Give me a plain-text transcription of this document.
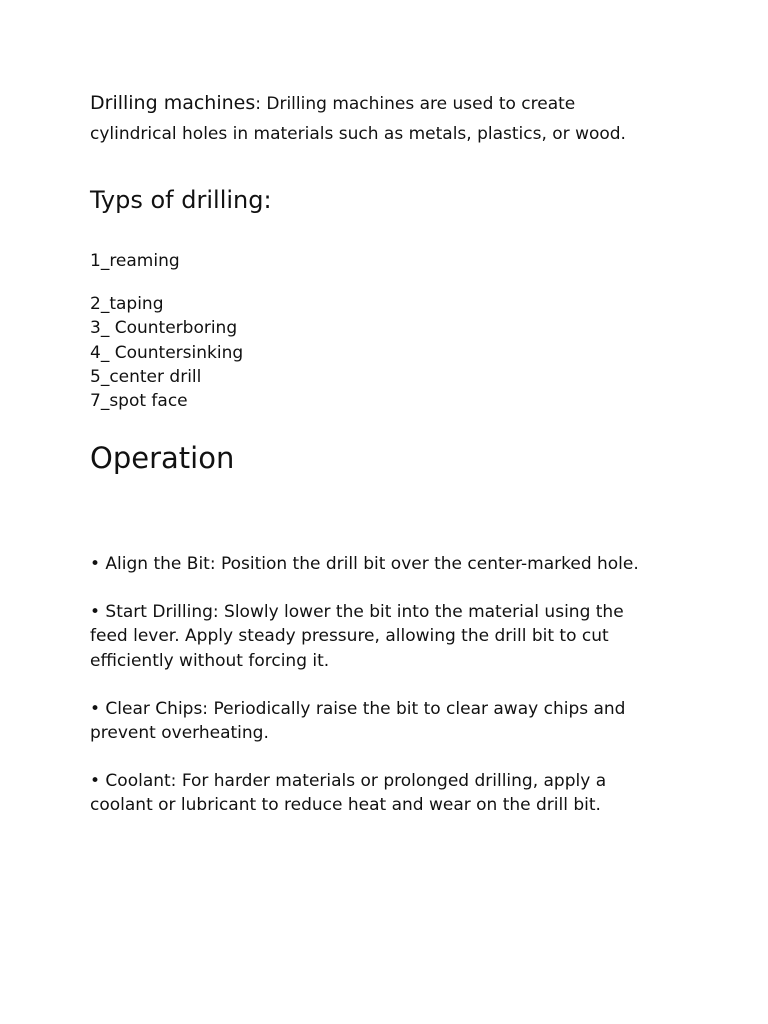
Drilling machines: Drilling machines are used to create
cylindrical holes in materials such as metals, plastics, or wood.
Typs of drilling:
1_reaming
2_taping
3_ Counterboring
4_ Countersinking
5_center drill
7_spot face
Operation
• Align the Bit: Position the drill bit over the center-marked hole.
• Start Drilling: Slowly lower the bit into the material using the
feed lever. Apply steady pressure, allowing the drill bit to cut
efficiently without forcing it.
• Clear Chips: Periodically raise the bit to clear away chips and
prevent overheating.
• Coolant: For harder materials or prolonged drilling, apply a
coolant or lubricant to reduce heat and wear on the drill bit.
